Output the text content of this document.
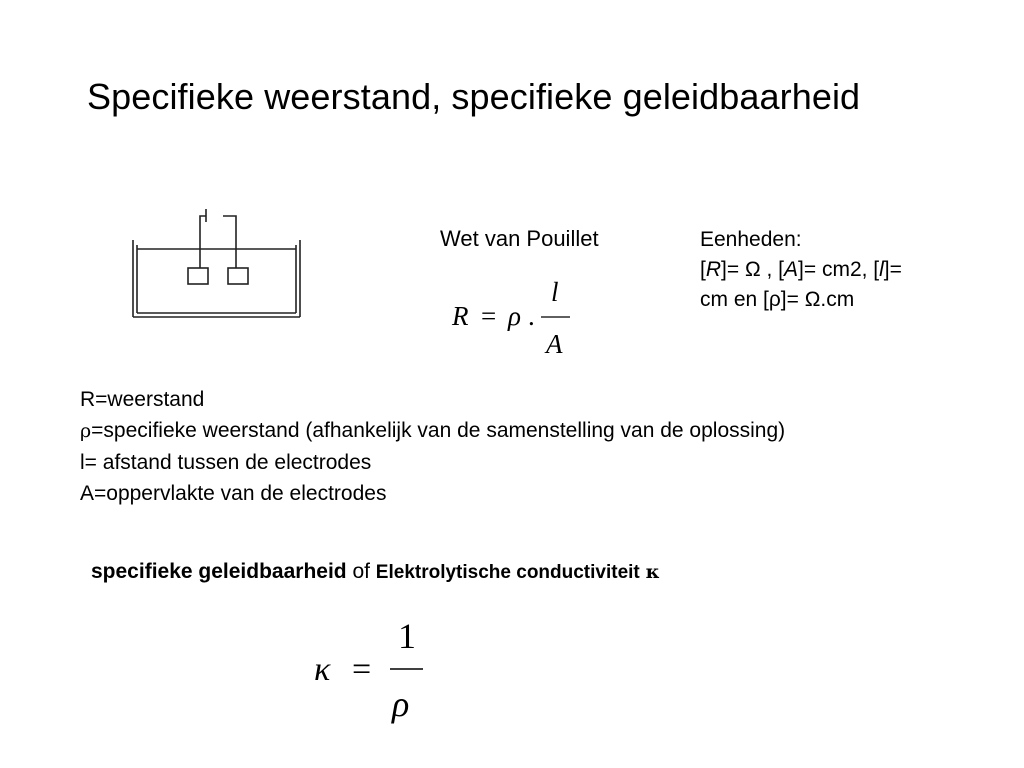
Specifieke weerstand, specifieke geleidbaarheid
Wet van Pouillet
R = ρ .
l
A
Eenheden:
[R]= Ω , [A]= cm2, [l]=
cm en [ρ]= Ω.cm
R=weerstand
ρ=specifieke weerstand (afhankelijk van de samenstelling van de oplossing)
l= afstand tussen de electrodes
A=oppervlakte van de electrodes
specifieke geleidbaarheid of Elektrolytische conductiviteit κ
κ =
1
ρ
